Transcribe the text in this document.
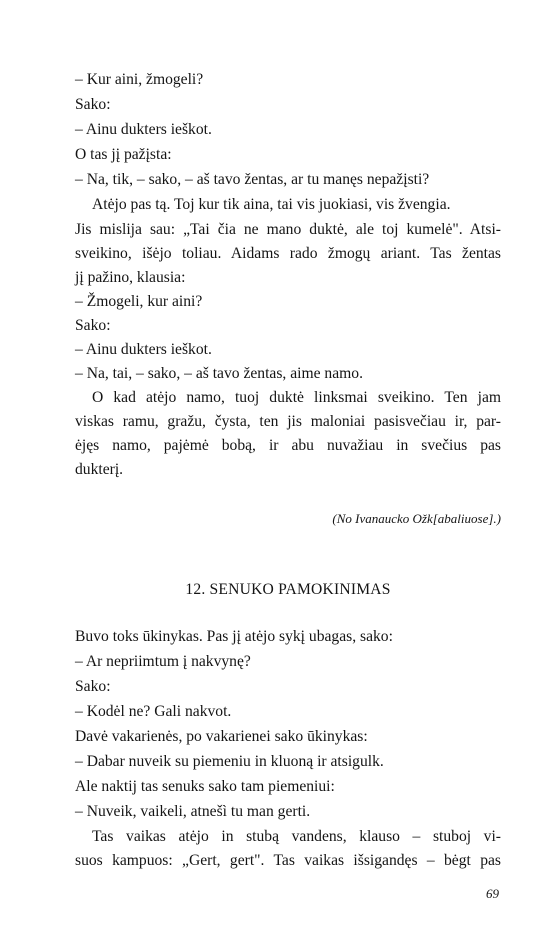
– Kur aini, žmogeli?
Sako:
– Ainu dukters ieškot.
O tas jį pažįsta:
– Na, tik, – sako, – aš tavo žentas, ar tu manęs nepažįsti?
Atėjo pas tą. Toj kur tik aina, tai vis juokiasi, vis žvengia.
Jis mislija sau: „Tai čia ne mano duktė, ale toj kumelė". Atsi-
sveikino, išėjo toliau. Aidams rado žmogų ariant. Tas žentas
jį pažino, klausia:
– Žmogeli, kur aini?
Sako:
– Ainu dukters ieškot.
– Na, tai, – sako, – aš tavo žentas, aime namo.
O kad atėjo namo, tuoj duktė linksmai sveikino. Ten jam
viskas ramu, gražu, čysta, ten jis maloniai pasisvečiau ir, par-
ėjęs namo, pajėmė bobą, ir abu nuvažiau in svečius pas
dukterį.
(No Ivanaucko Ožk[abaliuose].)
12. SENUKO PAMOKINIMAS
Buvo toks ūkinykas. Pas jį atėjo sykį ubagas, sako:
– Ar nepriimtum į nakvynę?
Sako:
– Kodėl ne? Gali nakvot.
Davė vakarienės, po vakarienei sako ūkinykas:
– Dabar nuveik su piemeniu in kluoną ir atsigulk.
Ale naktij tas senuks sako tam piemeniui:
– Nuveik, vaikeli, atnešì tu man gerti.
Tas vaikas atėjo in stubą vandens, klauso – stuboj vi-
suos kampuos: „Gert, gert". Tas vaikas išsigandęs – bėgt pas
69
